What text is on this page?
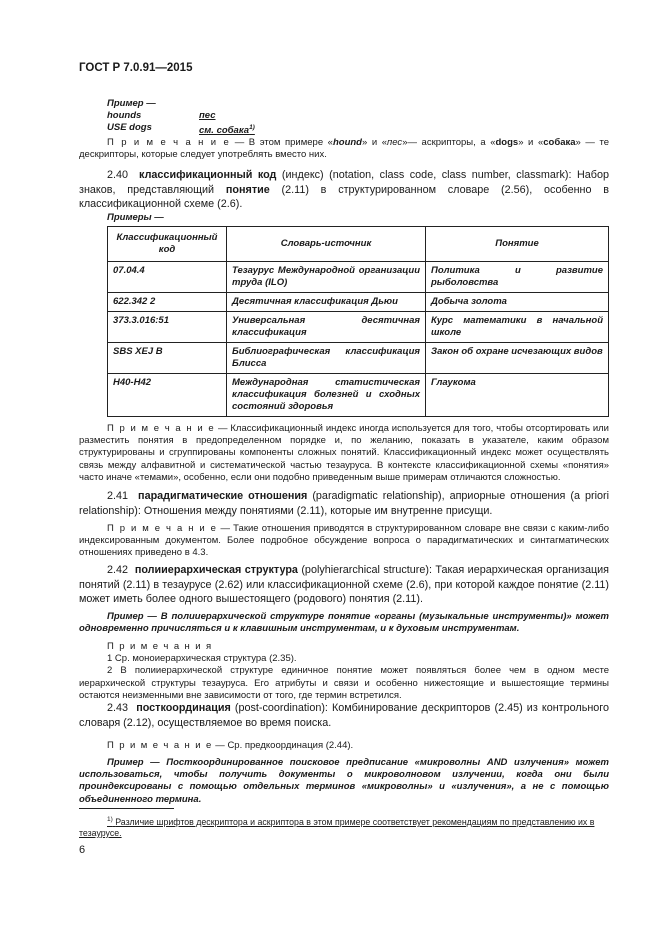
ГОСТ Р 7.0.91—2015
Пример —
hounds	пес
USE dogs	см. собака$^{1)}$
П р и м е ч а н и е — В этом примере «hound» и «пес»— аскрипторы, а «dogs» и «собака» — те дескрипторы, которые следует употреблять вместо них.
2.40 классификационный код (индекс) (notation, class code, class number, classmark): Набор знаков, представляющий понятие (2.11) в структурированном словаре (2.56), особенно в классификационной схеме (2.6).
Примеры —
Классификационный код	Словарь-источник	Понятие
07.04.4	Тезаурус Международной организации труда (ILO)	Политика и развитие рыболовства
622.342 2	Десятичная классификация Дьюи	Добыча золота
373.3.016:51	Универсальная десятичная классификация	Курс математики в начальной школе
SBS XEJ B	Библиографическая классификация Блисса	Закон об охране исчезающих видов
H40-H42	Международная статистическая классификация болезней и сходных состояний здоровья	Глаукома
П р и м е ч а н и е — Классификационный индекс иногда используется для того, чтобы отсортировать или разместить понятия в предопределенном порядке и, по желанию, показать в указателе, каким образом структурированы и сгруппированы компоненты сложных понятий. Классификационный индекс может осуществлять связь между алфавитной и систематической частью тезауруса. В контексте классификационной схемы «понятия» часто иначе «темами», особенно, если они подобно приведенным выше примерам отличаются сложностью.
2.41 парадигматические отношения (paradigmatic relationship), априорные отношения (a priori relationship): Отношения между понятиями (2.11), которые им внутренне присущи.
П р и м е ч а н и е — Такие отношения приводятся в структурированном словаре вне связи с каким-либо индексированным документом. Более подробное обсуждение вопроса о парадигматических и синтагматических отношениях приведено в 4.3.
2.42 полииерархическая структура (polyhierarchical structure): Такая иерархическая организация понятий (2.11) в тезаурусе (2.62) или классификационной схеме (2.6), при которой каждое понятие (2.11) может иметь более одного вышестоящего (родового) понятия (2.11).
Пример — В полииерархической структуре понятие «органы (музыкальные инструменты)» может одновременно причисляться и к клавишным инструментам, и к духовым инструментам.
П р и м е ч а н и я
1 Ср. моноиерархическая структура (2.35).
2 В полииерархической структуре единичное понятие может появляться более чем в одном месте иерархической структуры тезауруса. Его атрибуты и связи и особенно нижестоящие и вышестоящие термины остаются неизменными вне зависимости от того, где термин встретился.
2.43 посткоординация (post-coordination): Комбинирование дескрипторов (2.45) из контрольного словаря (2.12), осуществляемое во время поиска.
П р и м е ч а н и е — Ср. предкоординация (2.44).
Пример — Посткоординированное поисковое предписание «микроволны AND излучения» может использоваться, чтобы получить документы о микроволновом излучении, когда они были проиндексированы с помощью отдельных терминов «микроволны» и «излучения», а не с помощью объединенного термина.
$^{1)}$ Различие шрифтов дескриптора и аскриптора в этом примере соответствует рекомендациям по представлению их в тезаурусе.
6
